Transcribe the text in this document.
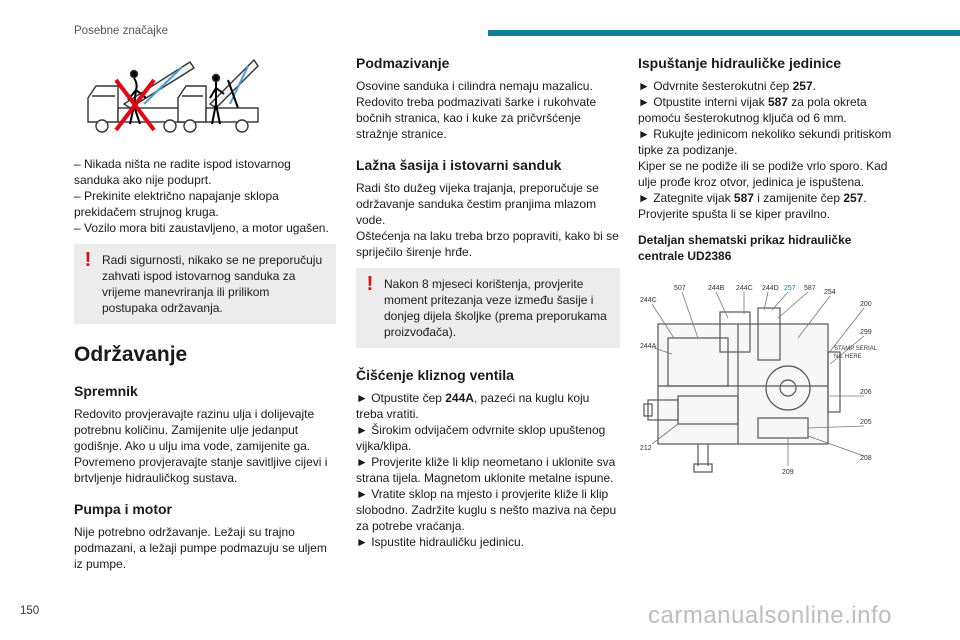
Posebne značajke

– Nikada ništa ne radite ispod istovarnog sanduka ako nije poduprt.

– Prekinite električno napajanje sklopa prekidačem strujnog kruga.

– Vozilo mora biti zaustavljeno, a motor ugašen.

! Radi sigurnosti, nikako se ne preporučuju zahvati ispod istovarnog sanduka za vrijeme manevriranja ili prilikom postupaka održavanja.

Održavanje
Spremnik

Redovito provjeravajte razinu ulja i dolijevajte potrebnu količinu. Zamijenite ulje jedanput godišnje. Ako u ulju ima vode, zamijenite ga. Povremeno provjeravajte stanje savitljive cijevi i brtvljenje hidrauličkog sustava.

Pumpa i motor

Nije potrebno održavanje. Ležaji su trajno podmazani, a ležaji pumpe podmazuju se uljem iz pumpe.

Podmazivanje

Osovine sanduka i cilindra nemaju mazalicu. Redovito treba podmazivati šarke i rukohvate bočnih stranica, kao i kuke za pričvršćenje stražnje stranice.

Lažna šasija i istovarni sanduk

Radi što dužeg vijeka trajanja, preporučuje se održavanje sanduka čestim pranjima mlazom vode.

Oštećenja na laku treba brzo popraviti, kako bi se spriječilo širenje hrđe.

! Nakon 8 mjeseci korištenja, provjerite moment pritezanja veze između šasije i donjeg dijela školjke (prema preporukama proizvođača).

Čišćenje kliznog ventila

► Otpustite čep 244A, pazeći na kuglu koju treba vratiti.

► Širokim odvijačem odvrnite sklop upuštenog vijka/klipa.

► Provjerite kliže li klip neometano i uklonite sva strana tijela. Magnetom uklonite metalne ispune.

► Vratite sklop na mjesto i provjerite kliže li klip slobodno. Zadržite kuglu s nešto maziva na čepu za potrebe vraćanja.

► Ispustite hidrauličku jedinicu.

Ispuštanje hidrauličke jedinice

► Odvrnite šesterokutni čep 257.

► Otpustite interni vijak 587 za pola okreta pomoću šesterokutnog ključa od 6 mm.

► Rukujte jedinicom nekoliko sekundi pritiskom tipke za podizanje.

Kiper se ne podiže ili se podiže vrlo sporo. Kad ulje prođe kroz otvor, jedinica je ispuštena.

► Zategnite vijak 587 i zamijenite čep 257.

Provjerite spušta li se kiper pravilno.

Detaljan shematski prikaz hidrauličke centrale UD2386
507	244B 244C 244D 257 587
254
200
244C
299
244A
206
205
212
208
209
STAMP SERIAL
No. HERE
150	carmanualsonline.info
